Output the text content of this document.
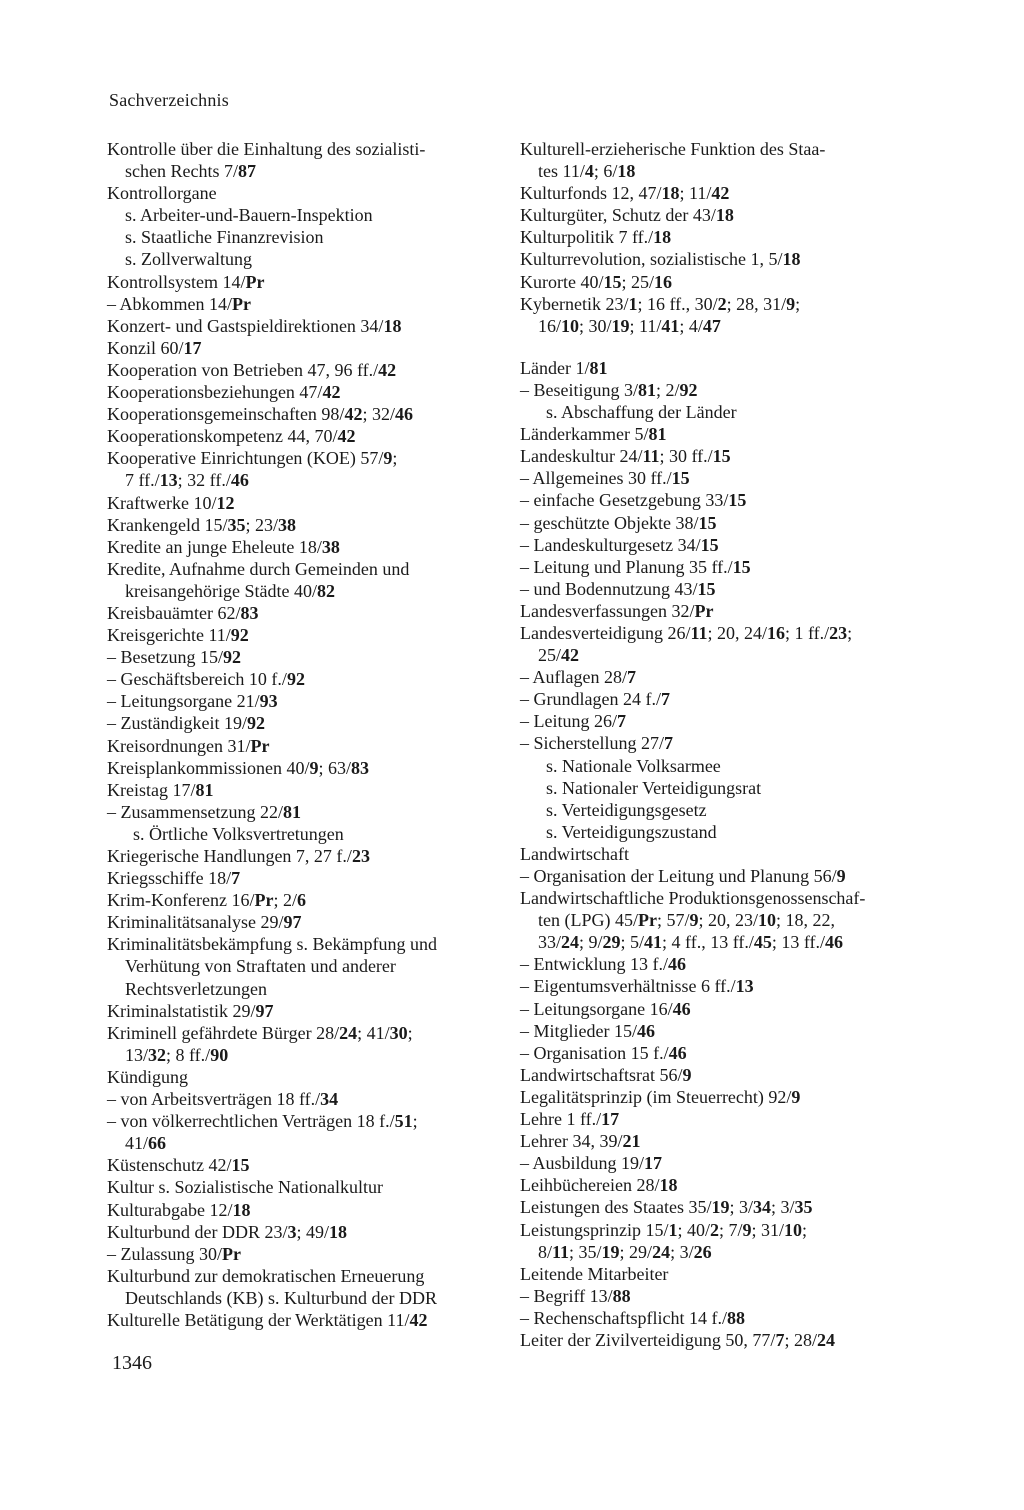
Sachverzeichnis
Kontrolle über die Einhaltung des sozialisti-
schen Rechts 7/87
Kontrollorgane
s. Arbeiter-und-Bauern-Inspektion
s. Staatliche Finanzrevision
s. Zollverwaltung
Kontrollsystem 14/Pr
– Abkommen 14/Pr
Konzert- und Gastspieldirektionen 34/18
Konzil 60/17
Kooperation von Betrieben 47, 96 ff./42
Kooperationsbeziehungen 47/42
Kooperationsgemeinschaften 98/42; 32/46
Kooperationskompetenz 44, 70/42
Kooperative Einrichtungen (KOE) 57/9;
7 ff./13; 32 ff./46
Kraftwerke 10/12
Krankengeld 15/35; 23/38
Kredite an junge Eheleute 18/38
Kredite, Aufnahme durch Gemeinden und
kreisangehörige Städte 40/82
Kreisbauämter 62/83
Kreisgerichte 11/92
– Besetzung 15/92
– Geschäftsbereich 10 f./92
– Leitungsorgane 21/93
– Zuständigkeit 19/92
Kreisordnungen 31/Pr
Kreisplankommissionen 40/9; 63/83
Kreistag 17/81
– Zusammensetzung 22/81
s. Örtliche Volksvertretungen
Kriegerische Handlungen 7, 27 f./23
Kriegsschiffe 18/7
Krim-Konferenz 16/Pr; 2/6
Kriminalitätsanalyse 29/97
Kriminalitätsbekämpfung s. Bekämpfung und
Verhütung von Straftaten und anderer
Rechtsverletzungen
Kriminalstatistik 29/97
Kriminell gefährdete Bürger 28/24; 41/30;
13/32; 8 ff./90
Kündigung
– von Arbeitsverträgen 18 ff./34
– von völkerrechtlichen Verträgen 18 f./51;
41/66
Küstenschutz 42/15
Kultur s. Sozialistische Nationalkultur
Kulturabgabe 12/18
Kulturbund der DDR 23/3; 49/18
– Zulassung 30/Pr
Kulturbund zur demokratischen Erneuerung
Deutschlands (KB) s. Kulturbund der DDR
Kulturelle Betätigung der Werktätigen 11/42
Kulturell-erzieherische Funktion des Staa-
tes 11/4; 6/18
Kulturfonds 12, 47/18; 11/42
Kulturgüter, Schutz der 43/18
Kulturpolitik 7 ff./18
Kulturrevolution, sozialistische 1, 5/18
Kurorte 40/15; 25/16
Kybernetik 23/1; 16 ff., 30/2; 28, 31/9;
16/10; 30/19; 11/41; 4/47
Länder 1/81
– Beseitigung 3/81; 2/92
s. Abschaffung der Länder
Länderkammer 5/81
Landeskultur 24/11; 30 ff./15
– Allgemeines 30 ff./15
– einfache Gesetzgebung 33/15
– geschützte Objekte 38/15
– Landeskulturgesetz 34/15
– Leitung und Planung 35 ff./15
– und Bodennutzung 43/15
Landesverfassungen 32/Pr
Landesverteidigung 26/11; 20, 24/16; 1 ff./23;
25/42
– Auflagen 28/7
– Grundlagen 24 f./7
– Leitung 26/7
– Sicherstellung 27/7
s. Nationale Volksarmee
s. Nationaler Verteidigungsrat
s. Verteidigungsgesetz
s. Verteidigungszustand
Landwirtschaft
– Organisation der Leitung und Planung 56/9
Landwirtschaftliche Produktionsgenossenschaf-
ten (LPG) 45/Pr; 57/9; 20, 23/10; 18, 22,
33/24; 9/29; 5/41; 4 ff., 13 ff./45; 13 ff./46
– Entwicklung 13 f./46
– Eigentumsverhältnisse 6 ff./13
– Leitungsorgane 16/46
– Mitglieder 15/46
– Organisation 15 f./46
Landwirtschaftsrat 56/9
Legalitätsprinzip (im Steuerrecht) 92/9
Lehre 1 ff./17
Lehrer 34, 39/21
– Ausbildung 19/17
Leihbüchereien 28/18
Leistungen des Staates 35/19; 3/34; 3/35
Leistungsprinzip 15/1; 40/2; 7/9; 31/10;
8/11; 35/19; 29/24; 3/26
Leitende Mitarbeiter
– Begriff 13/88
– Rechenschaftspflicht 14 f./88
Leiter der Zivilverteidigung 50, 77/7; 28/24
1346
